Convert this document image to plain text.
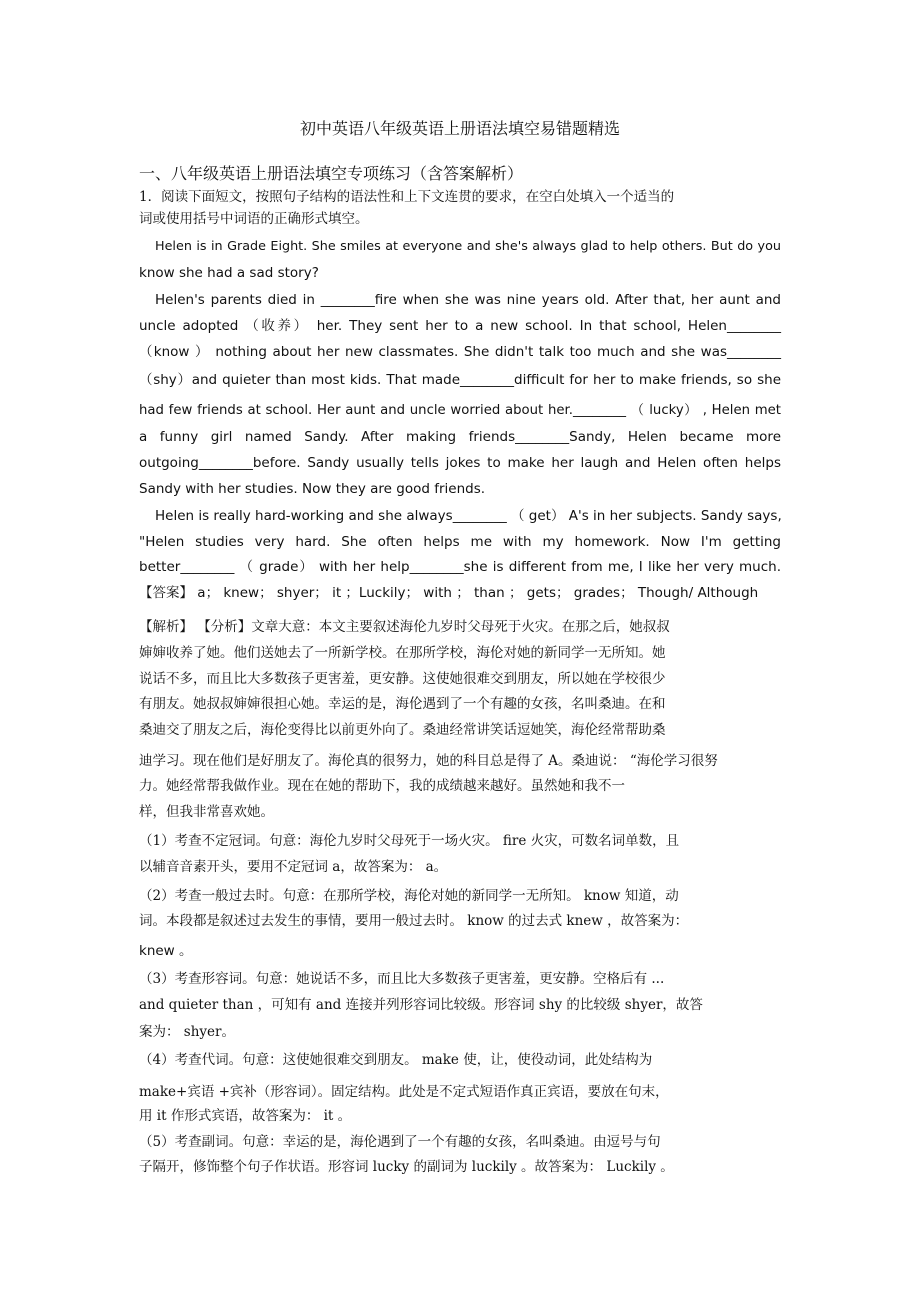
初中英语八年级英语上册语法填空易错题精选
一、八年级英语上册语法填空专项练习（含答案解析）
1．阅读下面短文，按照句子结构的语法性和上下文连贯的要求，在空白处填入一个适当的
词或使用括号中词语的正确形式填空。
Helen is in Grade Eight. She smiles at everyone and she's always glad to help others. But do you
know she had a sad story?
Helen's parents died in ________fire when she was nine years old. After that, her aunt and
uncle adopted （收养） her. They sent her to a new school. In that school, Helen________
（know ） nothing about her new classmates. She didn't talk too much and she was________
（shy）and quieter than most kids. That made________difficult for her to make friends, so she
had few friends at school. Her aunt and uncle worried about her.________ （ lucky） , Helen met
a funny girl named Sandy. After making friends________Sandy, Helen became more
outgoing________before. Sandy usually tells jokes to make her laugh and Helen often helps
Sandy with her studies. Now they are good friends.
Helen is really hard-working and she always________ （ get） A's in her subjects. Sandy says,
"Helen studies very hard. She often helps me with my homework. Now I'm getting
better________ （ grade） with her help________she is different from me, I like her very much.
【答案】 a； knew； shyer； it ；Luckily； with ； than ； gets； grades； Though/ Although
【解析】 【分析】文章大意：本文主要叙述海伦九岁时父母死于火灾。在那之后，她叔叔
婶婶收养了她。他们送她去了一所新学校。在那所学校，海伦对她的新同学一无所知。她
说话不多，而且比大多数孩子更害羞，更安静。这使她很难交到朋友，所以她在学校很少
有朋友。她叔叔婶婶很担心她。幸运的是，海伦遇到了一个有趣的女孩，名叫桑迪。在和
桑迪交了朋友之后，海伦变得比以前更外向了。桑迪经常讲笑话逗她笑，海伦经常帮助桑
迪学习。现在他们是好朋友了。海伦真的很努力，她的科目总是得了 A。桑迪说： “海伦学习很努
力。她经常帮我做作业。现在在她的帮助下，我的成绩越来越好。虽然她和我不一
样，但我非常喜欢她。
（1）考查不定冠词。句意：海伦九岁时父母死于一场火灾。 fire 火灾，可数名词单数，且
以辅音音素开头，要用不定冠词 a，故答案为： a。
（2）考查一般过去时。句意：在那所学校，海伦对她的新同学一无所知。 know 知道，动
词。本段都是叙述过去发生的事情，要用一般过去时。 know 的过去式 knew ，故答案为：
knew 。
（3）考查形容词。句意：她说话不多，而且比大多数孩子更害羞，更安静。空格后有 ...
and quieter than ，可知有 and 连接并列形容词比较级。形容词 shy 的比较级 shyer，故答
案为： shyer。
（4）考查代词。句意：这使她很难交到朋友。 make 使，让，使役动词，此处结构为
make+宾语 +宾补（形容词）。固定结构。此处是不定式短语作真正宾语，要放在句末，
用 it 作形式宾语，故答案为： it 。
（5）考查副词。句意：幸运的是，海伦遇到了一个有趣的女孩，名叫桑迪。由逗号与句
子隔开，修饰整个句子作状语。形容词 lucky 的副词为 luckily 。故答案为： Luckily 。
